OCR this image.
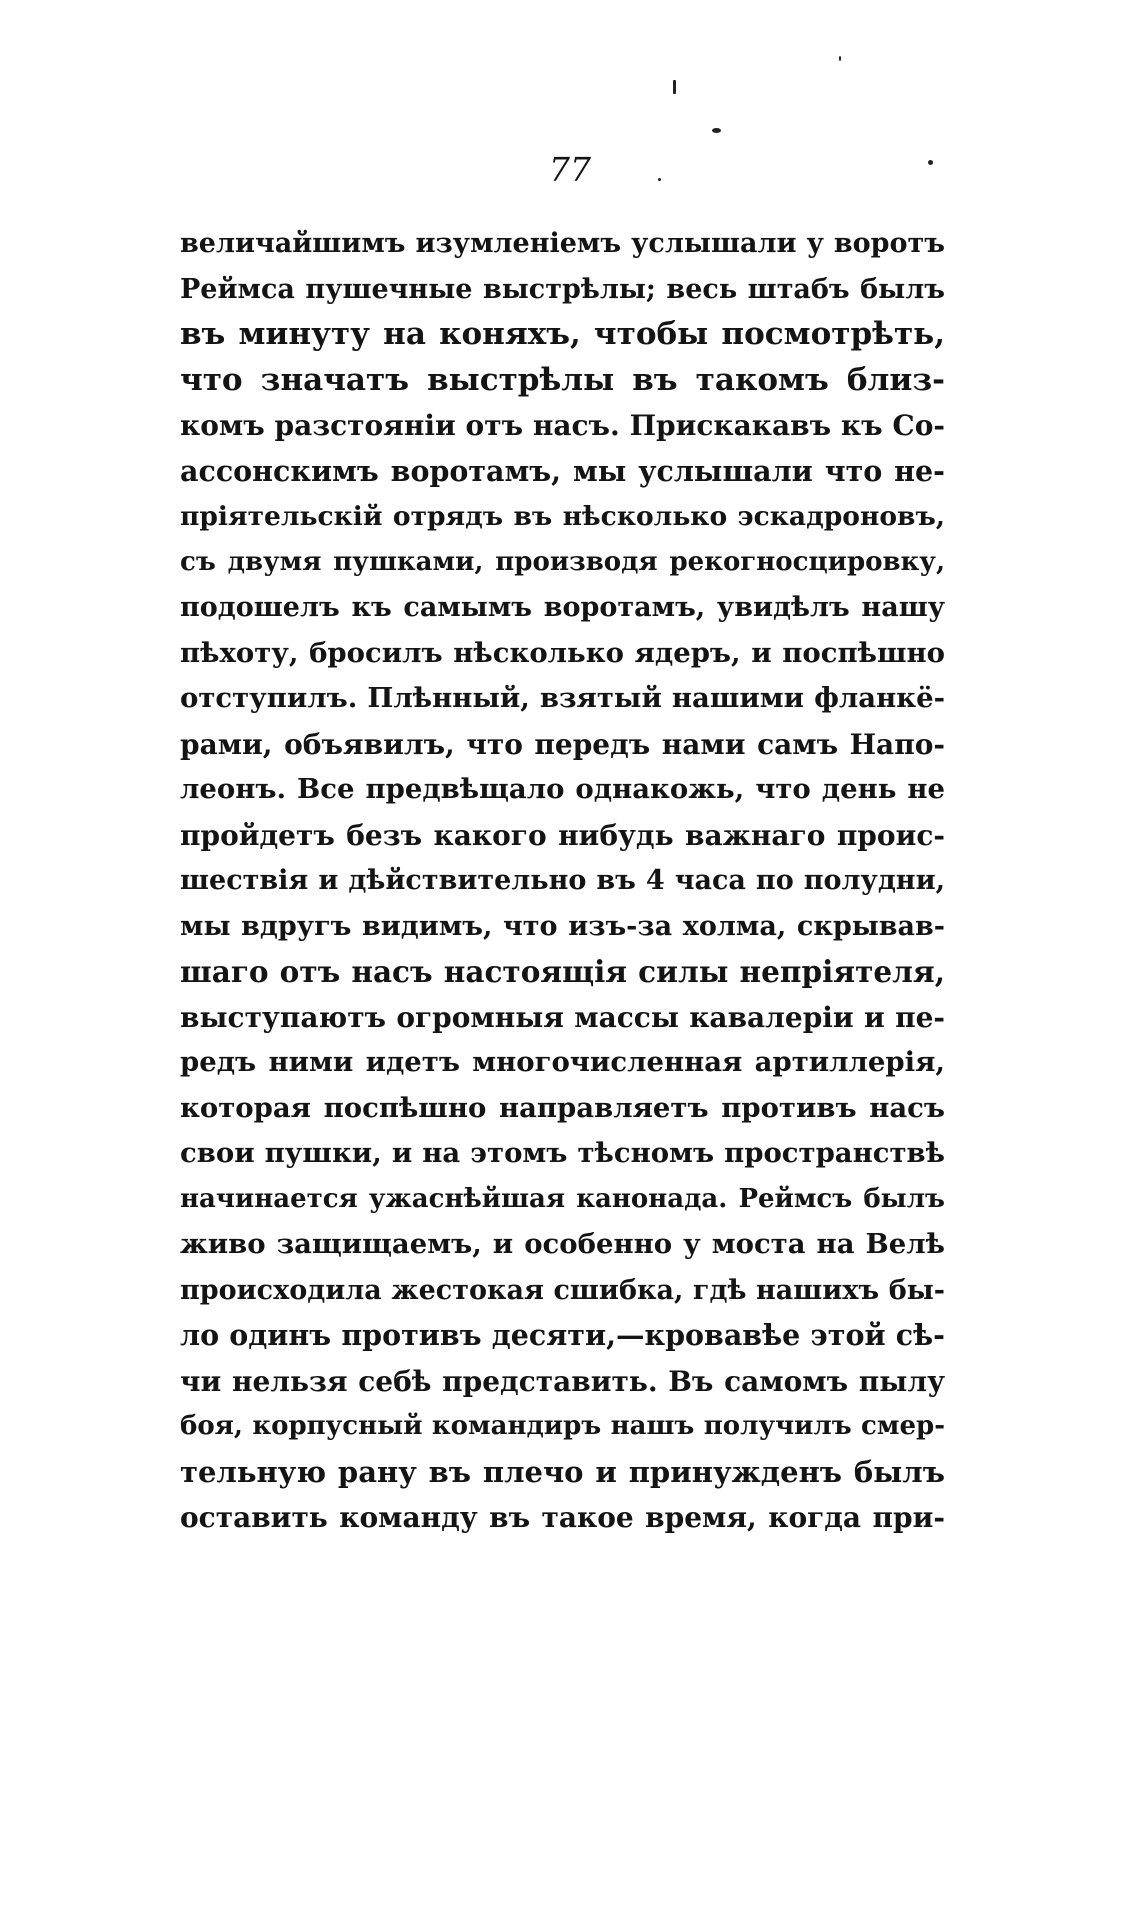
77
величайшимъ изумленіемъ услышали у воротъ
Реймса пушечные выстрѣлы; весь штабъ былъ
въ минуту на коняхъ, чтобы посмотрѣть,
что значатъ выстрѣлы въ такомъ близ-
комъ разстояніи отъ насъ. Прискакавъ къ Со-
ассонскимъ воротамъ, мы услышали что не-
пріятельскій отрядъ въ нѣсколько эскадроновъ,
съ двумя пушками, производя рекогносцировку,
подошелъ къ самымъ воротамъ, увидѣлъ нашу
пѣхоту, бросилъ нѣсколько ядеръ, и поспѣшно
отступилъ. Плѣнный, взятый нашими фланкё-
рами, объявилъ, что передъ нами самъ Напо-
леонъ. Все предвѣщало однакожь, что день не
пройдетъ безъ какого нибудь важнаго проис-
шествія и дѣйствительно въ 4 часа по полудни,
мы вдругъ видимъ, что изъ-за холма, скрывав-
шаго отъ насъ настоящія силы непріятеля,
выступаютъ огромныя массы кавалеріи и пе-
редъ ними идетъ многочисленная артиллерія,
которая поспѣшно направляетъ противъ насъ
свои пушки, и на этомъ тѣсномъ пространствѣ
начинается ужаснѣйшая канонада. Реймсъ былъ
живо защищаемъ, и особенно у моста на Велѣ
происходила жестокая сшибка, гдѣ нашихъ бы-
ло одинъ противъ десяти,—кровавѣе этой сѣ-
чи нельзя себѣ представить. Въ самомъ пылу
боя, корпусный командиръ нашъ получилъ смер-
тельную рану въ плечо и принужденъ былъ
оставить команду въ такое время, когда при-
